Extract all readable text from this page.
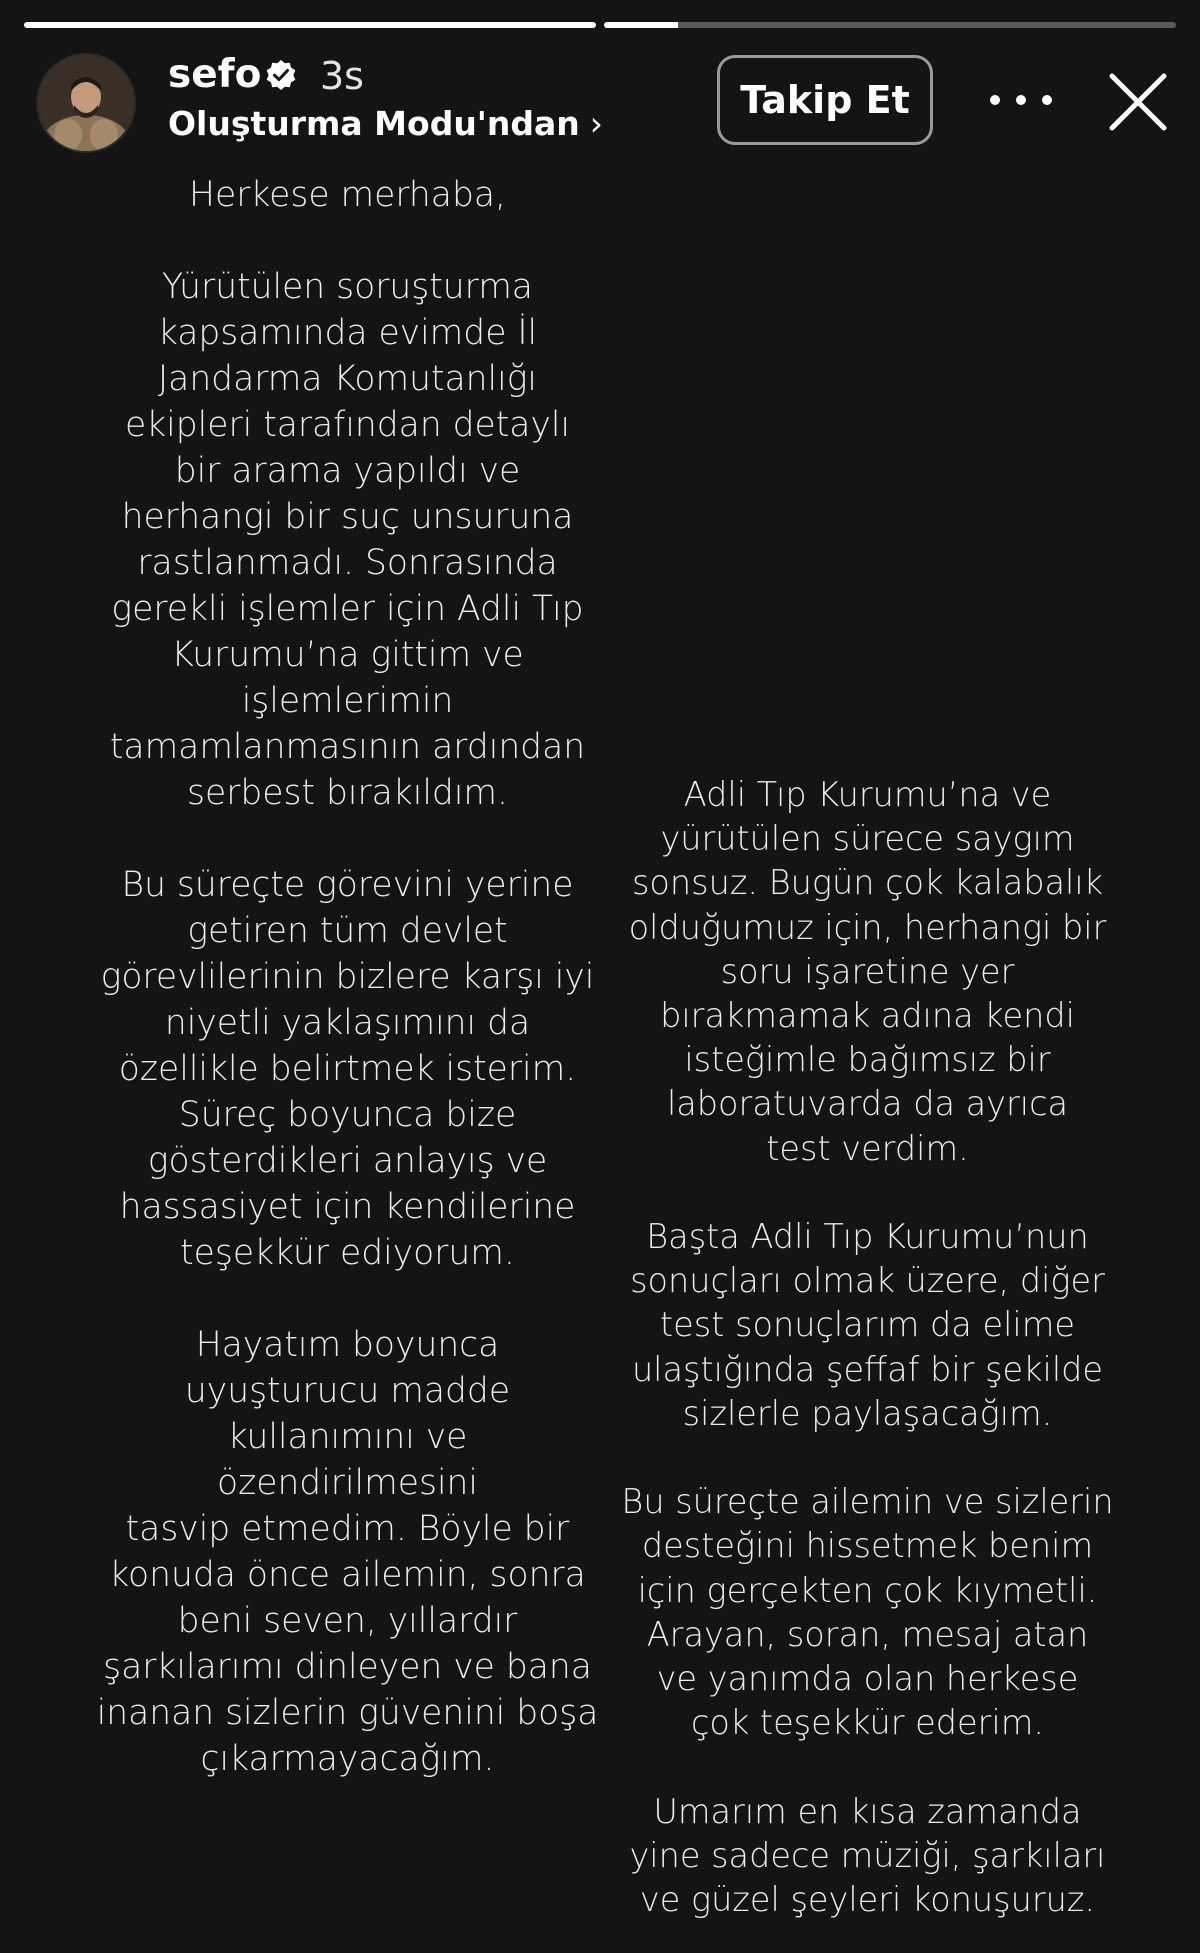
sefo 3s
Oluşturma Modu'ndan ›
Takip Et

Herkese merhaba,

Yürütülen soruşturma
kapsamında evimde İl
Jandarma Komutanlığı
ekipleri tarafından detaylı
bir arama yapıldı ve
herhangi bir suç unsuruna
rastlanmadı. Sonrasında
gerekli işlemler için Adli Tıp
Kurumu’na gittim ve
işlemlerimin
tamamlanmasının ardından
serbest bırakıldım.

Bu süreçte görevini yerine
getiren tüm devlet
görevlilerinin bizlere karşı iyi
niyetli yaklaşımını da
özellikle belirtmek isterim.
Süreç boyunca bize
gösterdikleri anlayış ve
hassasiyet için kendilerine
teşekkür ediyorum.

Hayatım boyunca
uyuşturucu madde
kullanımını ve özendirilmesini
tasvip etmedim. Böyle bir
konuda önce ailemin, sonra
beni seven, yıllardır
şarkılarımı dinleyen ve bana
inanan sizlerin güvenini boşa
çıkarmayacağım.

Adli Tıp Kurumu’na ve
yürütülen sürece saygım
sonsuz. Bugün çok kalabalık
olduğumuz için, herhangi bir
soru işaretine yer
bırakmamak adına kendi
isteğimle bağımsız bir
laboratuvarda da ayrıca
test verdim.

Başta Adli Tıp Kurumu’nun
sonuçları olmak üzere, diğer
test sonuçlarım da elime
ulaştığında şeffaf bir şekilde
sizlerle paylaşacağım.

Bu süreçte ailemin ve sizlerin
desteğini hissetmek benim
için gerçekten çok kıymetli.
Arayan, soran, mesaj atan
ve yanımda olan herkese
çok teşekkür ederim.

Umarım en kısa zamanda
yine sadece müziği, şarkıları
ve güzel şeyleri konuşuruz.
